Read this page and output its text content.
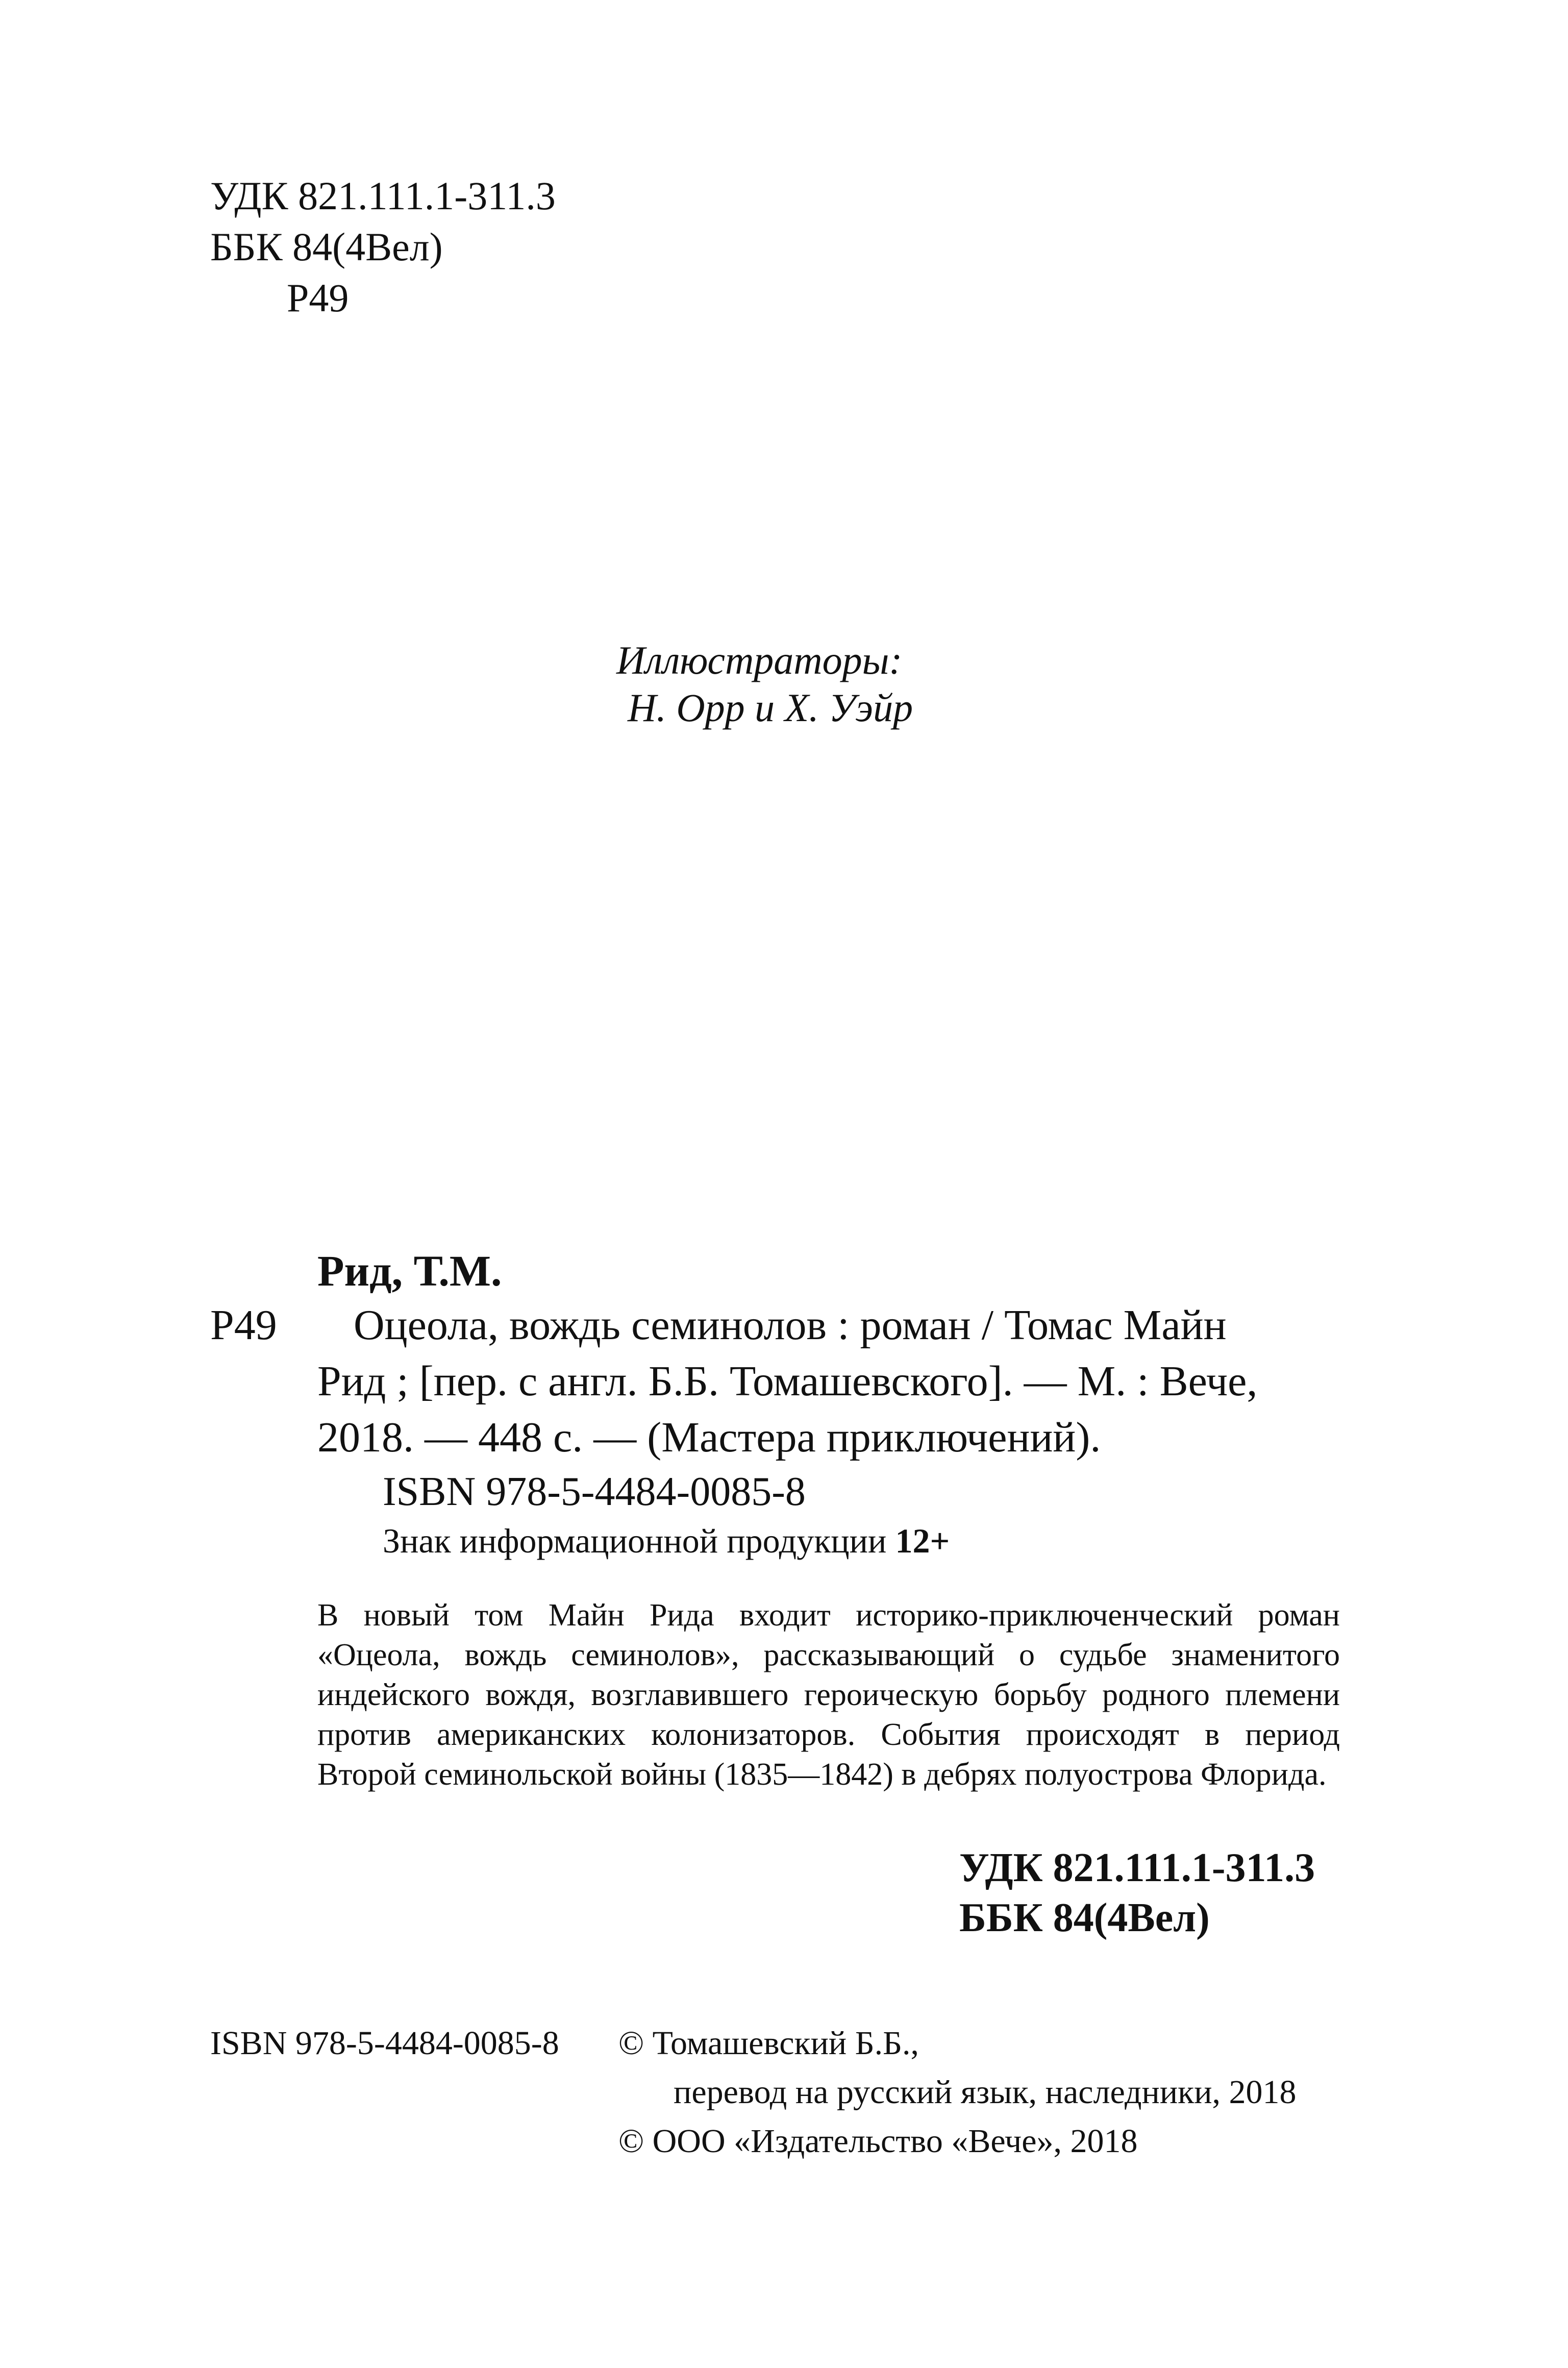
УДК 821.111.1-311.3
ББК 84(4Вел)
Р49
Иллюстраторы:
Н. Орр и Х. Уэйр
Рид, Т.М.
Р49 Оцеола, вождь семинолов : роман / Томас Майн
Рид ; [пер. с англ. Б.Б. Томашевского]. — М. : Вече,
2018. — 448 с. — (Мастера приключений).
ISBN 978-5-4484-0085-8
Знак информационной продукции 12+
В новый том Майн Рида входит историко-приключенческий роман «Оцеола, вождь семинолов», рассказывающий о судьбе знаменитого индейского вождя, возглавившего героическую борьбу родного племени против американских колонизаторов. События происходят в период Второй семинольской войны (1835—1842) в дебрях полуострова Флорида.
УДК 821.111.1-311.3
ББК 84(4Вел)
ISBN 978-5-4484-0085-8 © Томашевский Б.Б.,
перевод на русский язык, наследники, 2018
© ООО «Издательство «Вече», 2018
